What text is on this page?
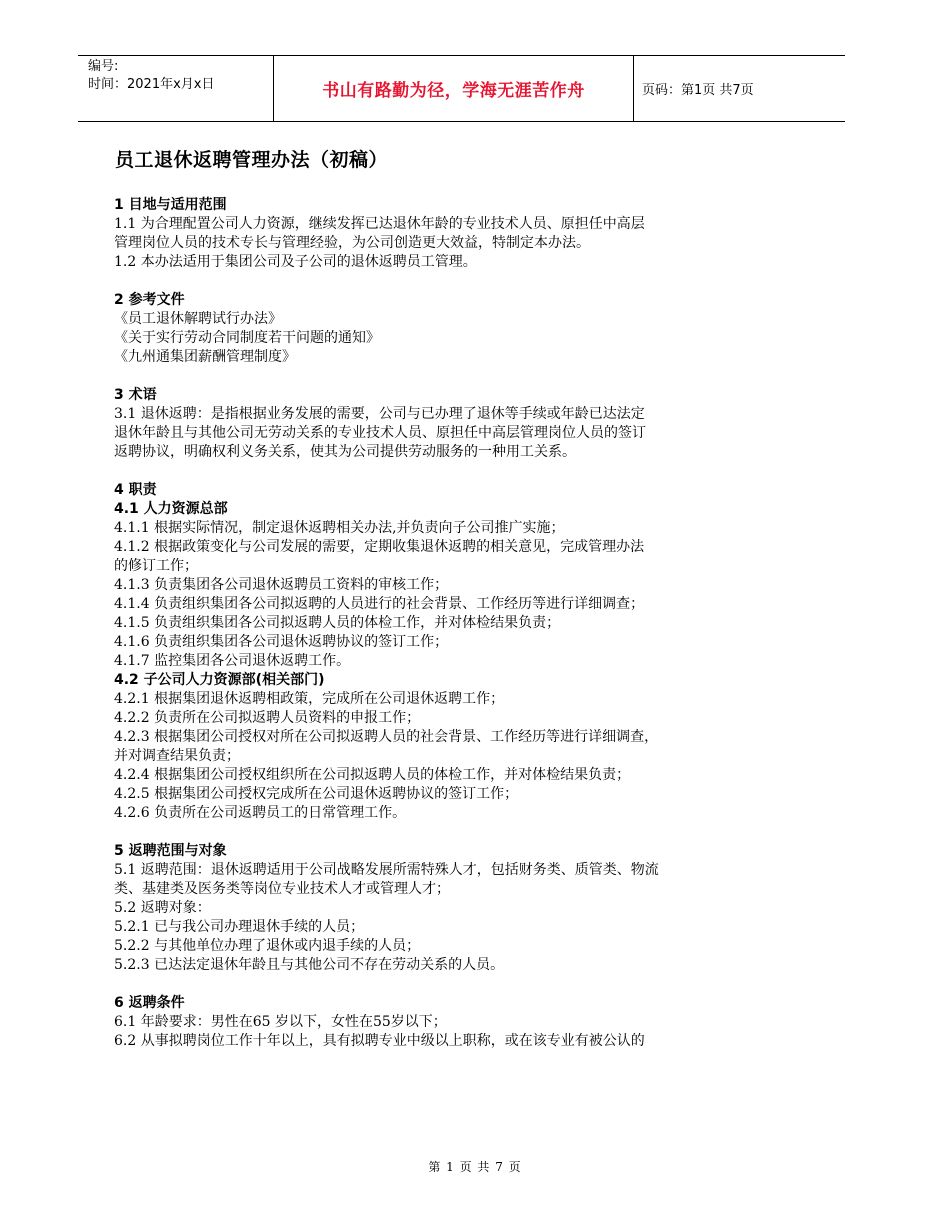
编号:
时间：2021年x月x日	书山有路勤为径，学海无涯苦作舟	页码：第1页 共7页
员工退休返聘管理办法（初稿）
1 目地与适用范围
1.1 为合理配置公司人力资源，继续发挥已达退休年龄的专业技术人员、原担任中高层
管理岗位人员的技术专长与管理经验，为公司创造更大效益，特制定本办法。
1.2 本办法适用于集团公司及子公司的退休返聘员工管理。
2 参考文件
《员工退休解聘试行办法》
《关于实行劳动合同制度若干问题的通知》
《九州通集团薪酬管理制度》
3 术语
3.1 退休返聘：是指根据业务发展的需要，公司与已办理了退休等手续或年龄已达法定
退休年龄且与其他公司无劳动关系的专业技术人员、原担任中高层管理岗位人员的签订
返聘协议，明确权利义务关系，使其为公司提供劳动服务的一种用工关系。
4 职责
4.1 人力资源总部
4.1.1 根据实际情况，制定退休返聘相关办法,并负责向子公司推广实施；
4.1.2 根据政策变化与公司发展的需要，定期收集退休返聘的相关意见，完成管理办法
的修订工作；
4.1.3 负责集团各公司退休返聘员工资料的审核工作；
4.1.4 负责组织集团各公司拟返聘的人员进行的社会背景、工作经历等进行详细调查；
4.1.5 负责组织集团各公司拟返聘人员的体检工作，并对体检结果负责；
4.1.6 负责组织集团各公司退休返聘协议的签订工作；
4.1.7 监控集团各公司退休返聘工作。
4.2 子公司人力资源部(相关部门)
4.2.1 根据集团退休返聘相政策，完成所在公司退休返聘工作；
4.2.2 负责所在公司拟返聘人员资料的申报工作；
4.2.3 根据集团公司授权对所在公司拟返聘人员的社会背景、工作经历等进行详细调查，
并对调查结果负责；
4.2.4 根据集团公司授权组织所在公司拟返聘人员的体检工作，并对体检结果负责；
4.2.5 根据集团公司授权完成所在公司退休返聘协议的签订工作；
4.2.6 负责所在公司返聘员工的日常管理工作。
5 返聘范围与对象
5.1 返聘范围：退休返聘适用于公司战略发展所需特殊人才，包括财务类、质管类、物流
类、基建类及医务类等岗位专业技术人才或管理人才；
5.2 返聘对象：
5.2.1 已与我公司办理退休手续的人员；
5.2.2 与其他单位办理了退休或内退手续的人员；
5.2.3 已达法定退休年龄且与其他公司不存在劳动关系的人员。
6 返聘条件
6.1 年龄要求：男性在65 岁以下，女性在55岁以下；
6.2 从事拟聘岗位工作十年以上，具有拟聘专业中级以上职称，或在该专业有被公认的
第 1 页 共 7 页
